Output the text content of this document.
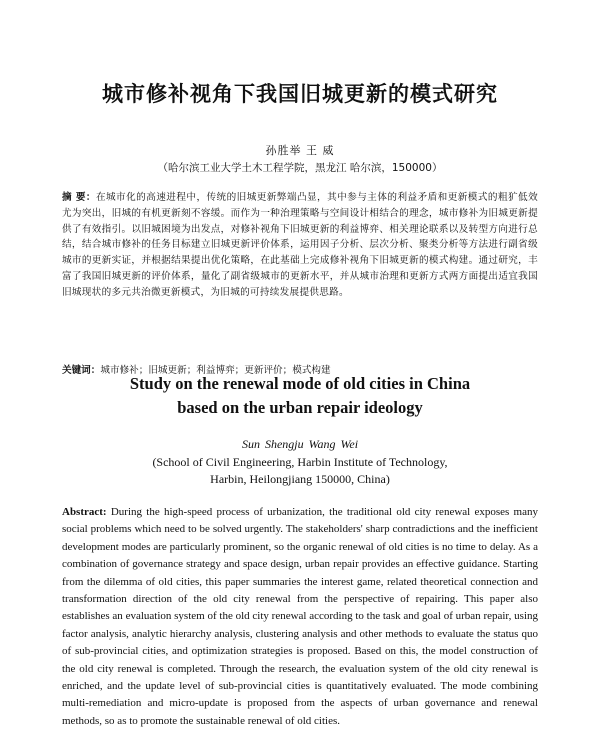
城市修补视角下我国旧城更新的模式研究
孙胜举 王 威
（哈尔滨工业大学土木工程学院，黑龙江 哈尔滨，150000）
摘 要：在城市化的高速进程中，传统的旧城更新弊端凸显，其中参与主体的利益矛盾和更新模式的粗犷低效尤为突出，旧城的有机更新刻不容缓。而作为一种治理策略与空间设计相结合的理念，城市修补为旧城更新提供了有效指引。以旧城困境为出发点，对修补视角下旧城更新的利益博弈、相关理论联系以及转型方向进行总结，结合城市修补的任务目标建立旧城更新评价体系，运用因子分析、层次分析、聚类分析等方法进行副省级城市的更新实证，并根据结果提出优化策略，在此基础上完成修补视角下旧城更新的模式构建。通过研究，丰富了我国旧城更新的评价体系，量化了副省级城市的更新水平，并从城市治理和更新方式两方面提出适宜我国旧城现状的多元共治微更新模式，为旧城的可持续发展提供思路。
关键词：城市修补；旧城更新；利益博弈；更新评价；模式构建
Study on the renewal mode of old cities in China
based on the urban repair ideology
Sun Shengju Wang Wei
(School of Civil Engineering, Harbin Institute of Technology,
Harbin, Heilongjiang 150000, China)
Abstract: During the high-speed process of urbanization, the traditional old city renewal exposes many social problems which need to be solved urgently. The stakeholders' sharp contradictions and the inefficient development modes are particularly prominent, so the organic renewal of old cities is no time to delay. As a combination of governance strategy and space design, urban repair provides an effective guidance. Starting from the dilemma of old cities, this paper summaries the interest game, related theoretical connection and transformation direction of the old city renewal from the perspective of repairing. This paper also establishes an evaluation system of the old city renewal according to the task and goal of urban repair, using factor analysis, analytic hierarchy analysis, clustering analysis and other methods to evaluate the status quo of sub-provincial cities, and optimization strategies is proposed. Based on this, the model construction of the old city renewal is completed. Through the research, the evaluation system of the old city renewal is enriched, and the update level of sub-provincial cities is quantitatively evaluated. The mode combining multi-remediation and micro-update is proposed from the aspects of urban governance and renewal methods, so as to promote the sustainable renewal of old cities.
